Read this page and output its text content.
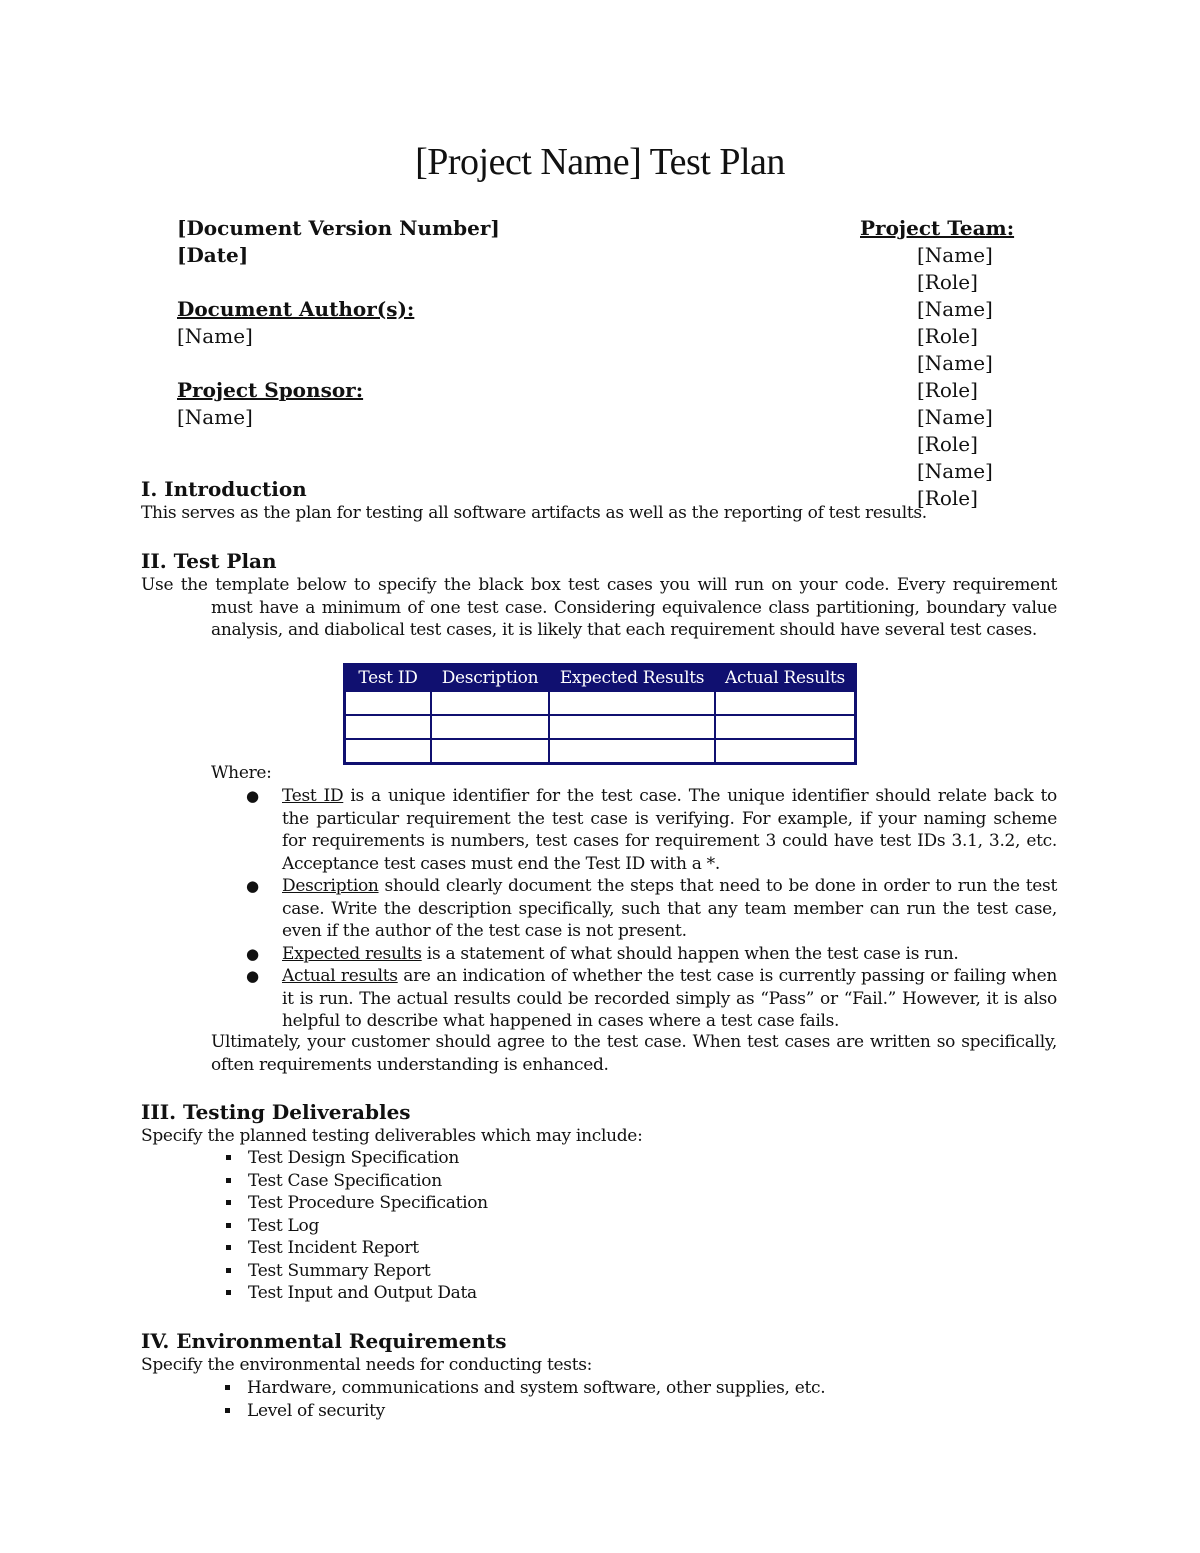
[Project Name] Test Plan
[Document Version Number]
[Date]
Document Author(s):
[Name]
Project Sponsor:
[Name]
Project Team:
[Name] [Role]
[Name] [Role]
[Name] [Role]
[Name] [Role]
[Name] [Role]
I. Introduction
This serves as the plan for testing all software artifacts as well as the reporting of test results.
II. Test Plan
Use the template below to specify the black box test cases you will run on your code. Every requirement must have a minimum of one test case. Considering equivalence class partitioning, boundary value analysis, and diabolical test cases, it is likely that each requirement should have several test cases.
Test ID	Description	Expected Results	Actual Results

Where:
● Test ID is a unique identifier for the test case. The unique identifier should relate back to the particular requirement the test case is verifying. For example, if your naming scheme for requirements is numbers, test cases for requirement 3 could have test IDs 3.1, 3.2, etc. Acceptance test cases must end the Test ID with a *.
● Description should clearly document the steps that need to be done in order to run the test case. Write the description specifically, such that any team member can run the test case, even if the author of the test case is not present.
● Expected results is a statement of what should happen when the test case is run.
● Actual results are an indication of whether the test case is currently passing or failing when it is run. The actual results could be recorded simply as “Pass” or “Fail.” However, it is also helpful to describe what happened in cases where a test case fails.
Ultimately, your customer should agree to the test case. When test cases are written so specifically, often requirements understanding is enhanced.
III. Testing Deliverables
Specify the planned testing deliverables which may include:
Test Design Specification
Test Case Specification
Test Procedure Specification
Test Log
Test Incident Report
Test Summary Report
Test Input and Output Data
IV. Environmental Requirements
Specify the environmental needs for conducting tests:
Hardware, communications and system software, other supplies, etc.
Level of security
